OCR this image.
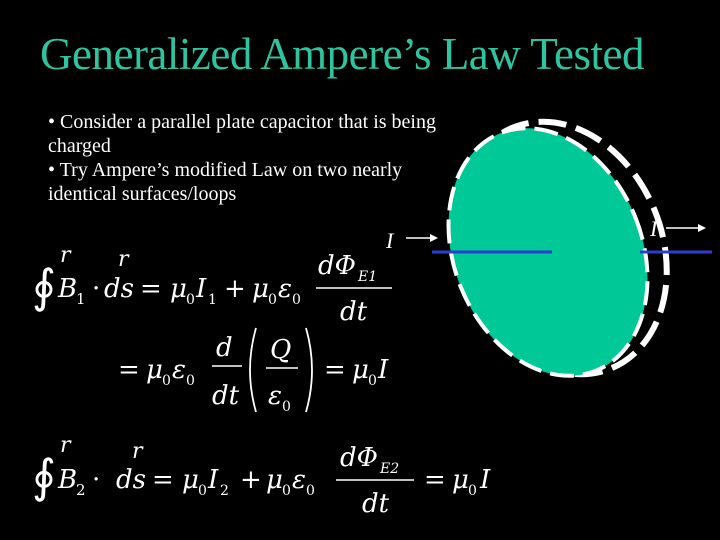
Generalized Ampere’s Law Tested
• Consider a parallel plate capacitor that is being charged
• Try Ampere’s modified Law on two nearly identical surfaces/loops
∮
r r
B
1 · ds = μ 0 I 1 + μ 0 ε 0
dΦ E1
dt
= μ 0 ε 0
d
dt
Q
ε 0
= μ 0 I
∮
r	r
B
2 · ds = μ 0 I 2 + μ 0 ε 0
dΦ E2
dt
= μ 0 I
I	I
